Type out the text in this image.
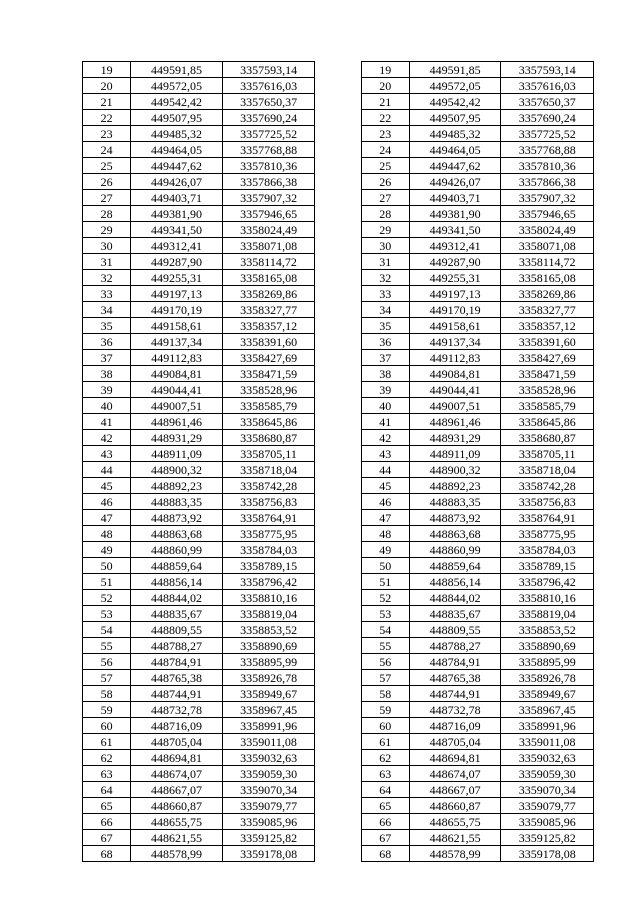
19	449591,85	3357593,14		19	449591,85	3357593,14
20	449572,05	3357616,03		20	449572,05	3357616,03
21	449542,42	3357650,37		21	449542,42	3357650,37
22	449507,95	3357690,24		22	449507,95	3357690,24
23	449485,32	3357725,52		23	449485,32	3357725,52
24	449464,05	3357768,88		24	449464,05	3357768,88
25	449447,62	3357810,36		25	449447,62	3357810,36
26	449426,07	3357866,38		26	449426,07	3357866,38
27	449403,71	3357907,32		27	449403,71	3357907,32
28	449381,90	3357946,65		28	449381,90	3357946,65
29	449341,50	3358024,49		29	449341,50	3358024,49
30	449312,41	3358071,08		30	449312,41	3358071,08
31	449287,90	3358114,72		31	449287,90	3358114,72
32	449255,31	3358165,08		32	449255,31	3358165,08
33	449197,13	3358269,86		33	449197,13	3358269,86
34	449170,19	3358327,77		34	449170,19	3358327,77
35	449158,61	3358357,12		35	449158,61	3358357,12
36	449137,34	3358391,60		36	449137,34	3358391,60
37	449112,83	3358427,69		37	449112,83	3358427,69
38	449084,81	3358471,59		38	449084,81	3358471,59
39	449044,41	3358528,96		39	449044,41	3358528,96
40	449007,51	3358585,79		40	449007,51	3358585,79
41	448961,46	3358645,86		41	448961,46	3358645,86
42	448931,29	3358680,87		42	448931,29	3358680,87
43	448911,09	3358705,11		43	448911,09	3358705,11
44	448900,32	3358718,04		44	448900,32	3358718,04
45	448892,23	3358742,28		45	448892,23	3358742,28
46	448883,35	3358756,83		46	448883,35	3358756,83
47	448873,92	3358764,91		47	448873,92	3358764,91
48	448863,68	3358775,95		48	448863,68	3358775,95
49	448860,99	3358784,03		49	448860,99	3358784,03
50	448859,64	3358789,15		50	448859,64	3358789,15
51	448856,14	3358796,42		51	448856,14	3358796,42
52	448844,02	3358810,16		52	448844,02	3358810,16
53	448835,67	3358819,04		53	448835,67	3358819,04
54	448809,55	3358853,52		54	448809,55	3358853,52
55	448788,27	3358890,69		55	448788,27	3358890,69
56	448784,91	3358895,99		56	448784,91	3358895,99
57	448765,38	3358926,78		57	448765,38	3358926,78
58	448744,91	3358949,67		58	448744,91	3358949,67
59	448732,78	3358967,45		59	448732,78	3358967,45
60	448716,09	3358991,96		60	448716,09	3358991,96
61	448705,04	3359011,08		61	448705,04	3359011,08
62	448694,81	3359032,63		62	448694,81	3359032,63
63	448674,07	3359059,30		63	448674,07	3359059,30
64	448667,07	3359070,34		64	448667,07	3359070,34
65	448660,87	3359079,77		65	448660,87	3359079,77
66	448655,75	3359085,96		66	448655,75	3359085,96
67	448621,55	3359125,82		67	448621,55	3359125,82
68	448578,99	3359178,08		68	448578,99	3359178,08
